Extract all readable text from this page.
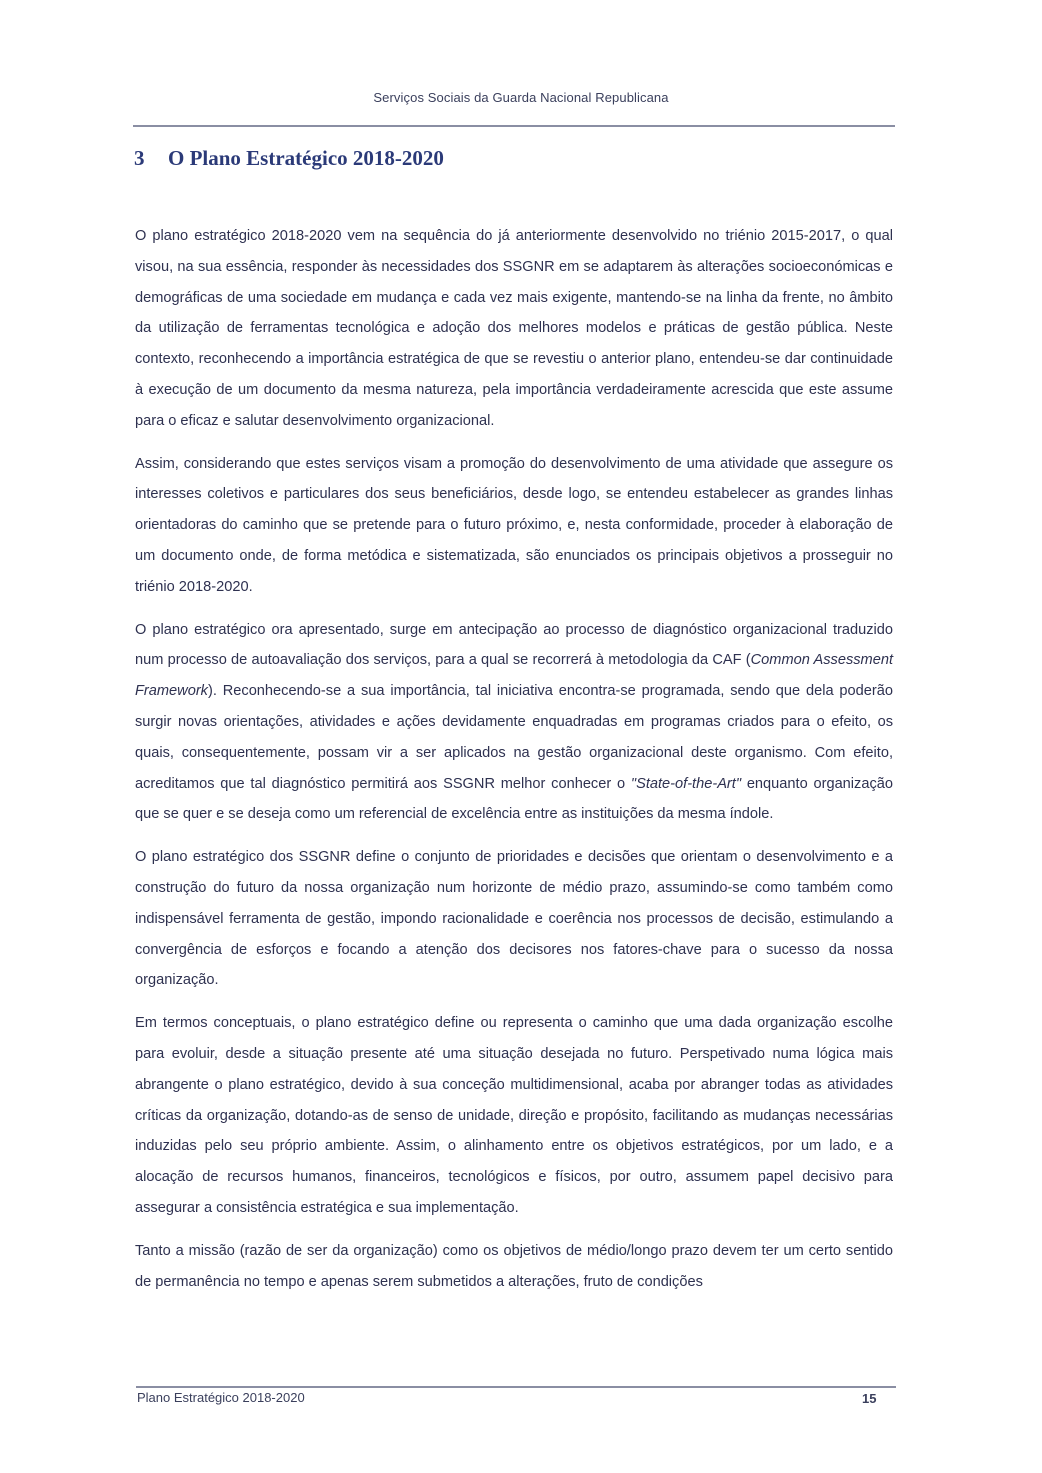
Serviços Sociais da Guarda Nacional Republicana
3 O Plano Estratégico 2018-2020

O plano estratégico 2018-2020 vem na sequência do já anteriormente desenvolvido no triénio 2015-2017, o qual visou, na sua essência, responder às necessidades dos SSGNR em se adaptarem às alterações socioeconómicas e demográficas de uma sociedade em mudança e cada vez mais exigente, mantendo-se na linha da frente, no âmbito da utilização de ferramentas tecnológica e adoção dos melhores modelos e práticas de gestão pública. Neste contexto, reconhecendo a importância estratégica de que se revestiu o anterior plano, entendeu-se dar continuidade à execução de um documento da mesma natureza, pela importância verdadeiramente acrescida que este assume para o eficaz e salutar desenvolvimento organizacional.

Assim, considerando que estes serviços visam a promoção do desenvolvimento de uma atividade que assegure os interesses coletivos e particulares dos seus beneficiários, desde logo, se entendeu estabelecer as grandes linhas orientadoras do caminho que se pretende para o futuro próximo, e, nesta conformidade, proceder à elaboração de um documento onde, de forma metódica e sistematizada, são enunciados os principais objetivos a prosseguir no triénio 2018-2020.

O plano estratégico ora apresentado, surge em antecipação ao processo de diagnóstico organizacional traduzido num processo de autoavaliação dos serviços, para a qual se recorrerá à metodologia da CAF (Common Assessment Framework). Reconhecendo-se a sua importância, tal iniciativa encontra-se programada, sendo que dela poderão surgir novas orientações, atividades e ações devidamente enquadradas em programas criados para o efeito, os quais, consequentemente, possam vir a ser aplicados na gestão organizacional deste organismo. Com efeito, acreditamos que tal diagnóstico permitirá aos SSGNR melhor conhecer o "State-of-the-Art" enquanto organização que se quer e se deseja como um referencial de excelência entre as instituições da mesma índole.

O plano estratégico dos SSGNR define o conjunto de prioridades e decisões que orientam o desenvolvimento e a construção do futuro da nossa organização num horizonte de médio prazo, assumindo-se como também como indispensável ferramenta de gestão, impondo racionalidade e coerência nos processos de decisão, estimulando a convergência de esforços e focando a atenção dos decisores nos fatores-chave para o sucesso da nossa organização.

Em termos conceptuais, o plano estratégico define ou representa o caminho que uma dada organização escolhe para evoluir, desde a situação presente até uma situação desejada no futuro. Perspetivado numa lógica mais abrangente o plano estratégico, devido à sua conceção multidimensional, acaba por abranger todas as atividades críticas da organização, dotando-as de senso de unidade, direção e propósito, facilitando as mudanças necessárias induzidas pelo seu próprio ambiente. Assim, o alinhamento entre os objetivos estratégicos, por um lado, e a alocação de recursos humanos, financeiros, tecnológicos e físicos, por outro, assumem papel decisivo para assegurar a consistência estratégica e sua implementação.

Tanto a missão (razão de ser da organização) como os objetivos de médio/longo prazo devem ter um certo sentido de permanência no tempo e apenas serem submetidos a alterações, fruto de condições

Plano Estratégico 2018-2020	15
